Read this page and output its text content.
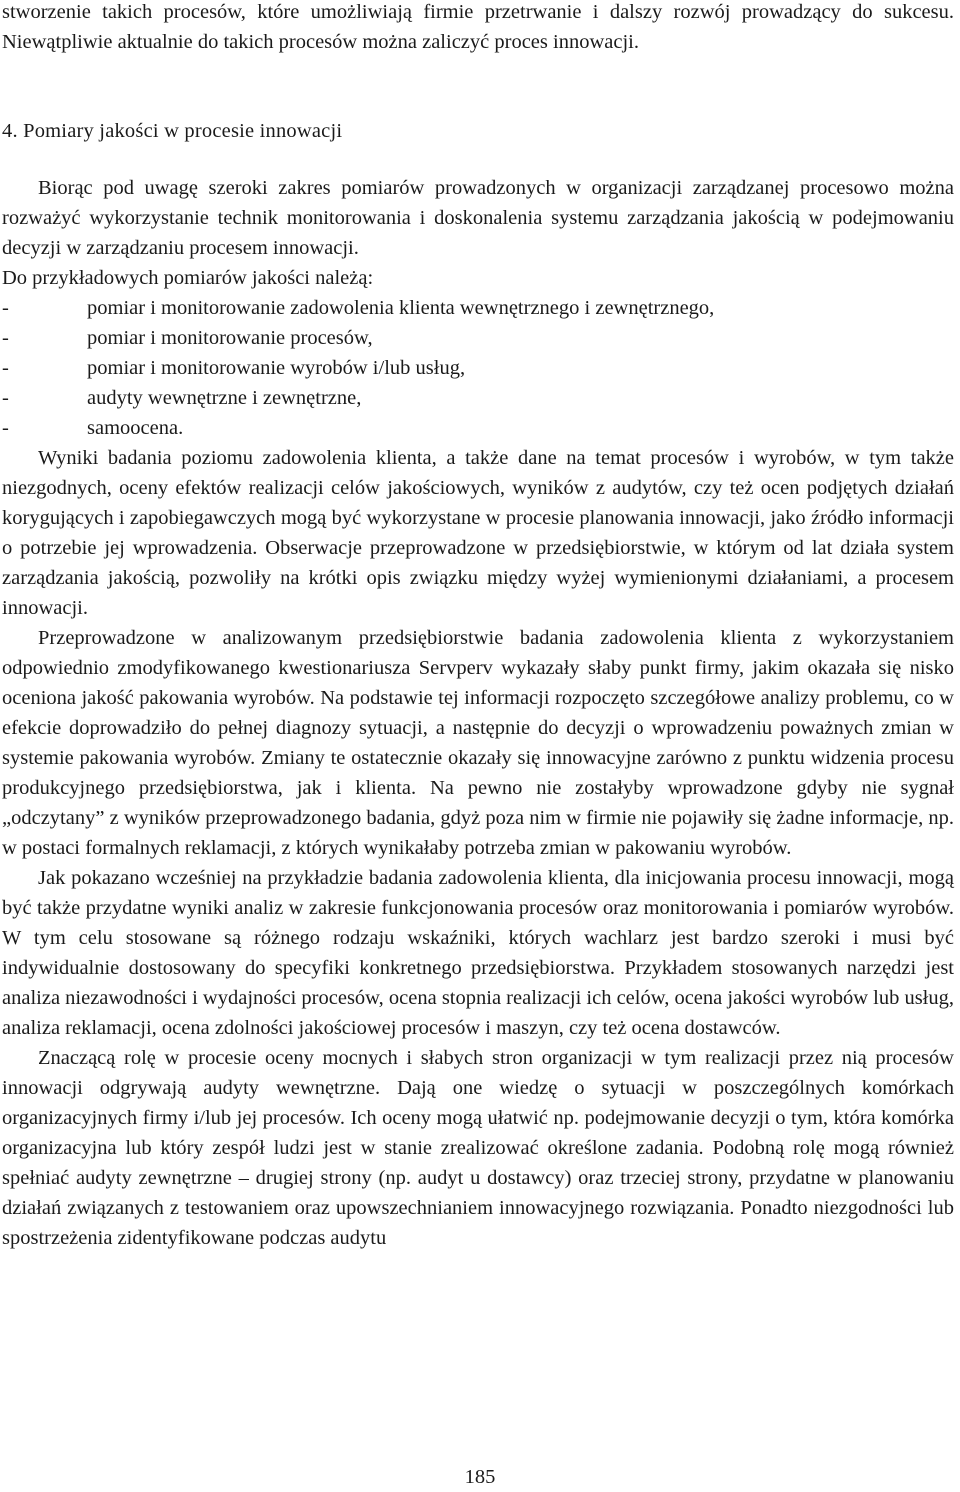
stworzenie takich procesów, które umożliwiają firmie przetrwanie i dalszy rozwój prowadzący do sukcesu. Niewątpliwie aktualnie do takich procesów można zaliczyć proces innowacji.

4. Pomiary jakości w procesie innowacji

Biorąc pod uwagę szeroki zakres pomiarów prowadzonych w organizacji zarządzanej procesowo można rozważyć wykorzystanie technik monitorowania i doskonalenia systemu zarządzania jakością w podejmowaniu decyzji w zarządzaniu procesem innowacji.

Do przykładowych pomiarów jakości należą:

-	pomiar i monitorowanie zadowolenia klienta wewnętrznego i zewnętrznego,
-	pomiar i monitorowanie procesów,
-	pomiar i monitorowanie wyrobów i/lub usług,
-	audyty wewnętrzne i zewnętrzne,
-	samoocena.

Wyniki badania poziomu zadowolenia klienta, a także dane na temat procesów i wyrobów, w tym także niezgodnych, oceny efektów realizacji celów jakościowych, wyników z audytów, czy też ocen podjętych działań korygujących i zapobiegawczych mogą być wykorzystane w procesie planowania innowacji, jako źródło informacji o potrzebie jej wprowadzenia. Obserwacje przeprowadzone w przedsiębiorstwie, w którym od lat działa system zarządzania jakością, pozwoliły na krótki opis związku między wyżej wymienionymi działaniami, a procesem innowacji.

Przeprowadzone w analizowanym przedsiębiorstwie badania zadowolenia klienta z wykorzystaniem odpowiednio zmodyfikowanego kwestionariusza Servperv wykazały słaby punkt firmy, jakim okazała się nisko oceniona jakość pakowania wyrobów. Na podstawie tej informacji rozpoczęto szczegółowe analizy problemu, co w efekcie doprowadziło do pełnej diagnozy sytuacji, a następnie do decyzji o wprowadzeniu poważnych zmian w systemie pakowania wyrobów. Zmiany te ostatecznie okazały się innowacyjne zarówno z punktu widzenia procesu produkcyjnego przedsiębiorstwa, jak i klienta. Na pewno nie zostałyby wprowadzone gdyby nie sygnał „odczytany” z wyników przeprowadzonego badania, gdyż poza nim w firmie nie pojawiły się żadne informacje, np. w postaci formalnych reklamacji, z których wynikałaby potrzeba zmian w pakowaniu wyrobów.

Jak pokazano wcześniej na przykładzie badania zadowolenia klienta, dla inicjowania procesu innowacji, mogą być także przydatne wyniki analiz w zakresie funkcjonowania procesów oraz monitorowania i pomiarów wyrobów. W tym celu stosowane są różnego rodzaju wskaźniki, których wachlarz jest bardzo szeroki i musi być indywidualnie dostosowany do specyfiki konkretnego przedsiębiorstwa. Przykładem stosowanych narzędzi jest analiza niezawodności i wydajności procesów, ocena stopnia realizacji ich celów, ocena jakości wyrobów lub usług, analiza reklamacji, ocena zdolności jakościowej procesów i maszyn, czy też ocena dostawców.

Znaczącą rolę w procesie oceny mocnych i słabych stron organizacji w tym realizacji przez nią procesów innowacji odgrywają audyty wewnętrzne. Dają one wiedzę o sytuacji w poszczególnych komórkach organizacyjnych firmy i/lub jej procesów. Ich oceny mogą ułatwić np. podejmowanie decyzji o tym, która komórka organizacyjna lub który zespół ludzi jest w stanie zrealizować określone zadania. Podobną rolę mogą również spełniać audyty zewnętrzne – drugiej strony (np. audyt u dostawcy) oraz trzeciej strony, przydatne w planowaniu działań związanych z testowaniem oraz upowszechnianiem innowacyjnego rozwiązania. Ponadto niezgodności lub spostrzeżenia zidentyfikowane podczas audytu

185
